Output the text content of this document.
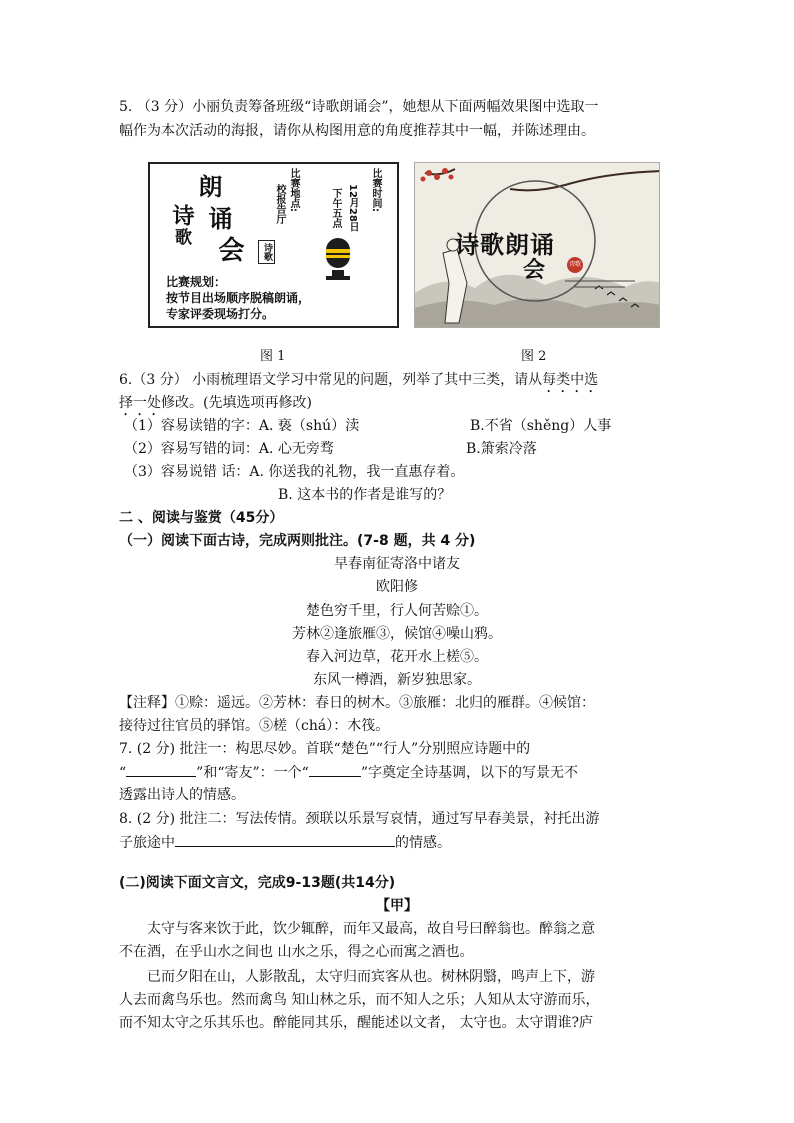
5. （3 分）小丽负责筹备班级“诗歌朗诵会”，她想从下面两幅效果图中选取一
幅作为本次活动的海报，请你从构图用意的角度推荐其中一幅，并陈述理由。
朗
诗 诵
歌 会	诗歌
比赛地点:
校报告厅	比赛时间:
12月28日
下午五点
比赛规划：
按节目出场顺序脱稿朗诵，
专家评委现场打分。
诗歌朗诵
会	诗歌
图 1	图 2
6.（3 分） 小雨梳理语文学习中常见的问题，列举了其中三类，请从每类中选
择一处修改。(先填选项再修改)
（1）容易读错的字：A. 亵（shú）渎	B.不省（shěng）人事
（2）容易写错的词：A. 心无旁骛	B.箫索冷落
（3）容易说错 话：A. 你送我的礼物，我一直惠存着。
B. 这本书的作者是谁写的？
二 、阅读与鉴赏（45分）
（一）阅读下面古诗，完成两则批注。(7-8 题，共 4 分)
早春南征寄洛中诸友
欧阳修
楚色穷千里，行人何苦赊①。
芳林②逢旅雁③，候馆④噪山鸦。
春入河边草，花开水上槎⑤。
东风一樽酒，新岁独思家。
【注释】①赊：遥远。②芳林：春日的树木。③旅雁：北归的雁群。④候馆：
接待过往官员的驿馆。⑤槎（chá）：木筏。
7. (2 分) 批注一：构思尽妙。首联“楚色”“行人”分别照应诗题中的
“	”和“寄友”：一个“	”字奠定全诗基调，以下的写景无不
透露出诗人的情感。
8. (2 分) 批注二：写法传情。颈联以乐景写哀情，通过写早春美景，衬托出游
子旅途中	的情感。
(二)阅读下面文言文，完成9-13题(共14分)
【甲】
太守与客来饮于此，饮少辄醉，而年又最高，故自号曰醉翁也。醉翁之意
不在酒，在乎山水之间也 山水之乐，得之心而寓之酒也。
已而夕阳在山，人影散乱，太守归而宾客从也。树林阴翳，鸣声上下，游
人去而禽鸟乐也。然而禽鸟 知山林之乐，而不知人之乐；人知从太守游而乐，
而不知太守之乐其乐也。醉能同其乐，醒能述以文者， 太守也。太守谓谁?庐
